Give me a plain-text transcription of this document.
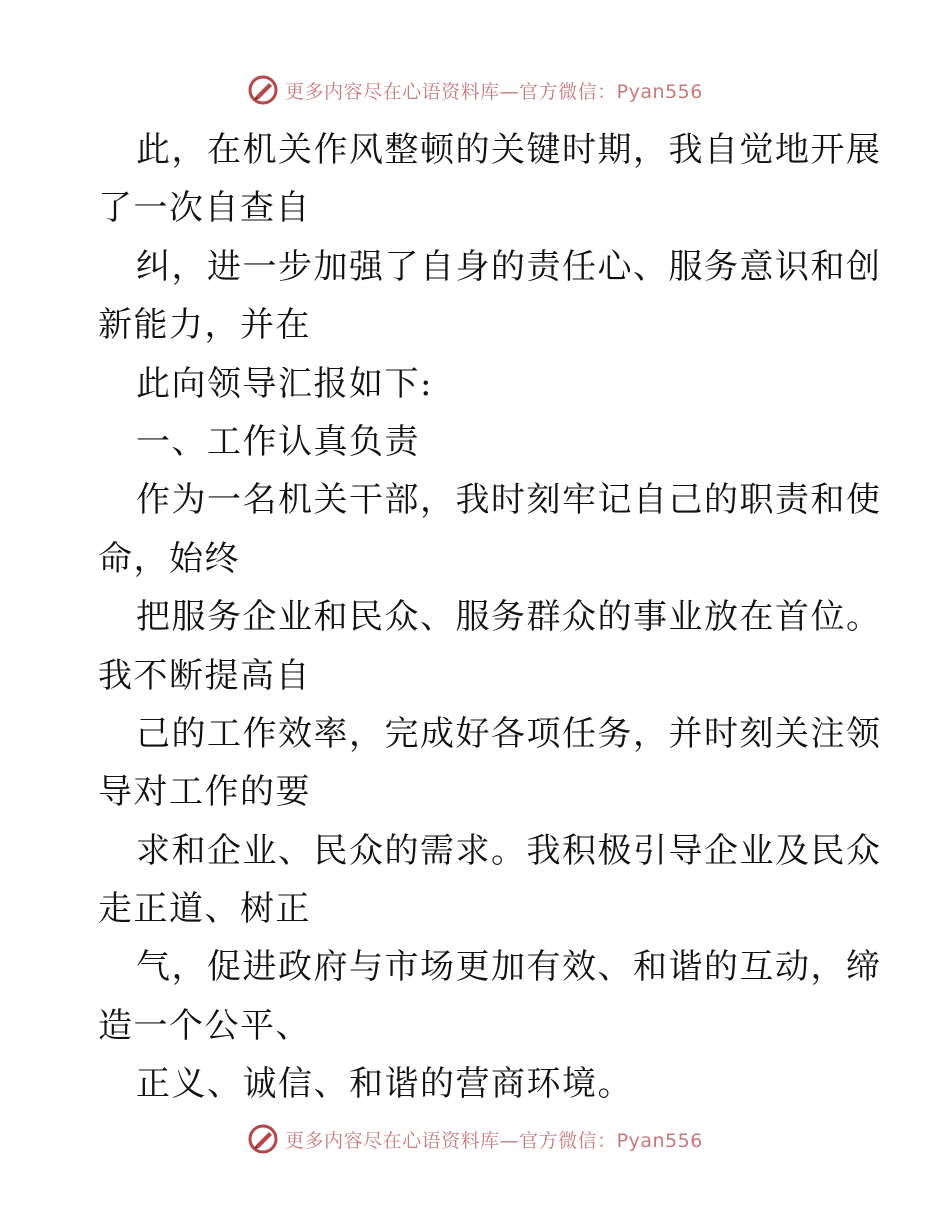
更多内容尽在心语资料库—官方微信：Pyan556
此，在机关作风整顿的关键时期，我自觉地开展
了一次自查自
纠，进一步加强了自身的责任心、服务意识和创
新能力，并在
此向领导汇报如下:
一、工作认真负责
作为一名机关干部，我时刻牢记自己的职责和使
命，始终
把服务企业和民众、服务群众的事业放在首位。
我不断提高自
己的工作效率，完成好各项任务，并时刻关注领
导对工作的要
求和企业、民众的需求。我积极引导企业及民众
走正道、树正
气，促进政府与市场更加有效、和谐的互动，缔
造一个公平、
正义、诚信、和谐的营商环境。
更多内容尽在心语资料库—官方微信：Pyan556
